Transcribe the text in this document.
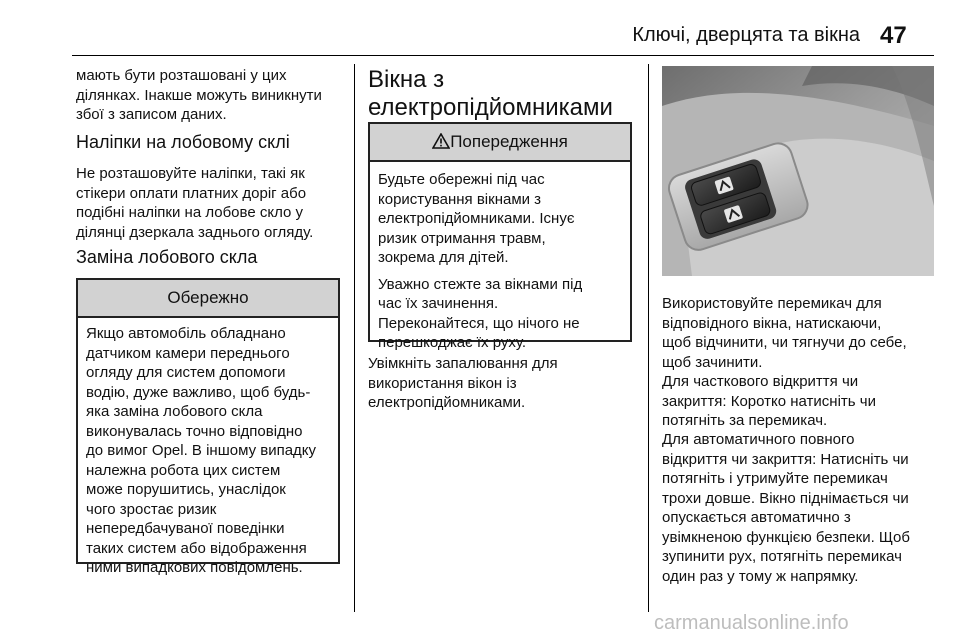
Ключі, дверцята та вікна 47

мають бути розташовані у цих

ділянках. Інакше можуть виникнути

збої з записом даних.

Наліпки на лобовому склі

Не розташовуйте наліпки, такі як

стікери оплати платних доріг або

подібні наліпки на лобове скло у

ділянці дзеркала заднього огляду.

Заміна лобового скла
Обережно

Якщо автомобіль обладнано

датчиком камери переднього

огляду для систем допомоги

водію, дуже важливо, щоб будь-

яка заміна лобового скла

виконувалась точно відповідно

до вимог Opel. В іншому випадку

належна робота цих систем

може порушитись, унаслідок

чого зростає ризик

непередбачуваної поведінки

таких систем або відображення

ними випадкових повідомлень.

Вікна з

електропідйомниками

Попередження

Будьте обережні під час

користування вікнами з

електропідйомниками. Існує

ризик отримання травм,

зокрема для дітей.

Уважно стежте за вікнами під

час їх зачинення.

Переконайтеся, що нічого не

перешкоджає їх руху.

Увімкніть запалювання для

використання вікон із

електропідйомниками.

Використовуйте перемикач для

відповідного вікна, натискаючи,

щоб відчинити, чи тягнучи до себе,

щоб зачинити.

Для часткового відкриття чи

закриття: Коротко натисніть чи

потягніть за перемикач.

Для автоматичного повного

відкриття чи закриття: Натисніть чи

потягніть і утримуйте перемикач

трохи довше. Вікно піднімається чи

опускається автоматично з

увімкненою функцією безпеки. Щоб

зупинити рух, потягніть перемикач

один раз у тому ж напрямку.

carmanualsonline.info
